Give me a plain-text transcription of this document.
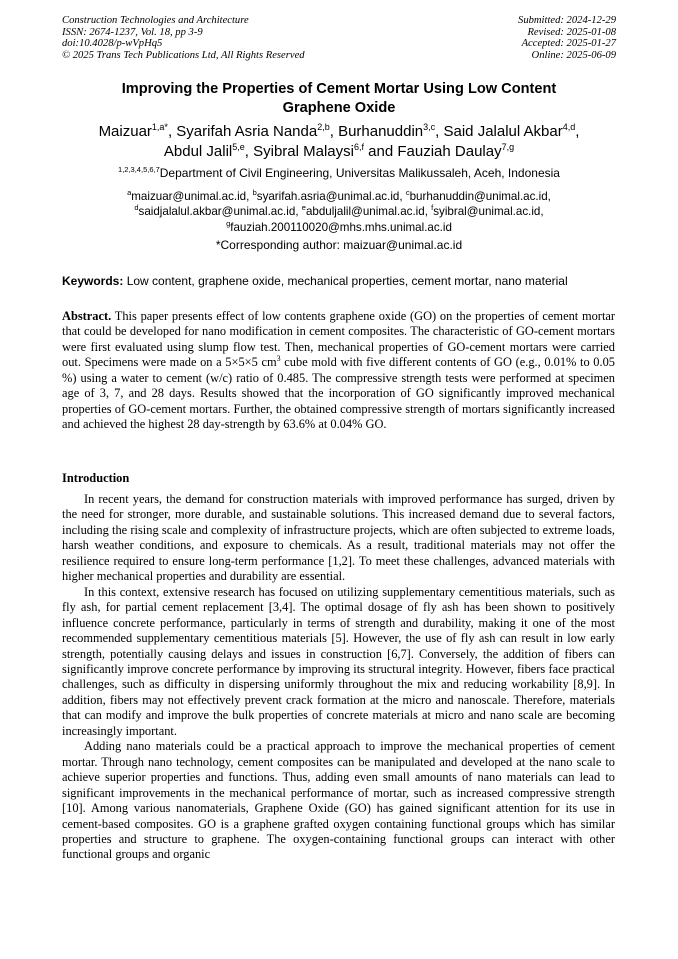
Construction Technologies and Architecture
ISSN: 2674-1237, Vol. 18, pp 3-9
doi:10.4028/p-wVpHq5
© 2025 Trans Tech Publications Ltd, All Rights Reserved
Submitted: 2024-12-29
Revised: 2025-01-08
Accepted: 2025-01-27
Online: 2025-06-09
Improving the Properties of Cement Mortar Using Low Content
Graphene Oxide
Maizuar$^{1,a*}$, Syarifah Asria Nanda$^{2,b}$, Burhanuddin$^{3,c}$, Said Jalalul Akbar$^{4,d}$,
Abdul Jalil$^{5,e}$, Syibral Malaysi$^{6,f}$ and Fauziah Daulay$^{7,g}$
$^{1,2,3,4,5,6,7}$Department of Civil Engineering, Universitas Malikussaleh, Aceh, Indonesia
$^a$maizuar@unimal.ac.id, $^b$syarifah.asria@unimal.ac.id, $^c$burhanuddin@unimal.ac.id,
$^d$saidjalalul.akbar@unimal.ac.id, $^e$abduljalil@unimal.ac.id, $^f$syibral@unimal.ac.id,
$^g$fauziah.200110020@mhs.mhs.unimal.ac.id
*Corresponding author: maizuar@unimal.ac.id
Keywords: Low content, graphene oxide, mechanical properties, cement mortar, nano material
Abstract. This paper presents effect of low contents graphene oxide (GO) on the properties of cement mortar that could be developed for nano modification in cement composites. The characteristic of GO-cement mortars were first evaluated using slump flow test. Then, mechanical properties of GO-cement mortars were carried out. Specimens were made on a 5×5×5 $cm^3$ cube mold with five different contents of GO (e.g., 0.01% to 0.05 %) using a water to cement (w/c) ratio of 0.485. The compressive strength tests were performed at specimen age of 3, 7, and 28 days. Results showed that the incorporation of GO significantly improved mechanical properties of GO-cement mortars. Further, the obtained compressive strength of mortars significantly increased and achieved the highest 28 day-strength by 63.6% at 0.04% GO.
Introduction

In recent years, the demand for construction materials with improved performance has surged, driven by the need for stronger, more durable, and sustainable solutions. This increased demand due to several factors, including the rising scale and complexity of infrastructure projects, which are often subjected to extreme loads, harsh weather conditions, and exposure to chemicals. As a result, traditional materials may not offer the resilience required to ensure long-term performance [1,2]. To meet these challenges, advanced materials with higher mechanical properties and durability are essential.

In this context, extensive research has focused on utilizing supplementary cementitious materials, such as fly ash, for partial cement replacement [3,4]. The optimal dosage of fly ash has been shown to positively influence concrete performance, particularly in terms of strength and durability, making it one of the most recommended supplementary cementitious materials [5]. However, the use of fly ash can result in low early strength, potentially causing delays and issues in construction [6,7]. Conversely, the addition of fibers can significantly improve concrete performance by improving its structural integrity. However, fibers face practical challenges, such as difficulty in dispersing uniformly throughout the mix and reducing workability [8,9]. In addition, fibers may not effectively prevent crack formation at the micro and nanoscale. Therefore, materials that can modify and improve the bulk properties of concrete materials at micro and nano scale are becoming increasingly important.

Adding nano materials could be a practical approach to improve the mechanical properties of cement mortar. Through nano technology, cement composites can be manipulated and developed at the nano scale to achieve superior properties and functions. Thus, adding even small amounts of nano materials can lead to significant improvements in the mechanical performance of mortar, such as increased compressive strength [10]. Among various nanomaterials, Graphene Oxide (GO) has gained significant attention for its use in cement-based composites. GO is a graphene grafted oxygen containing functional groups which has similar properties and structure to graphene. The oxygen-containing functional groups can interact with other functional groups and organic
